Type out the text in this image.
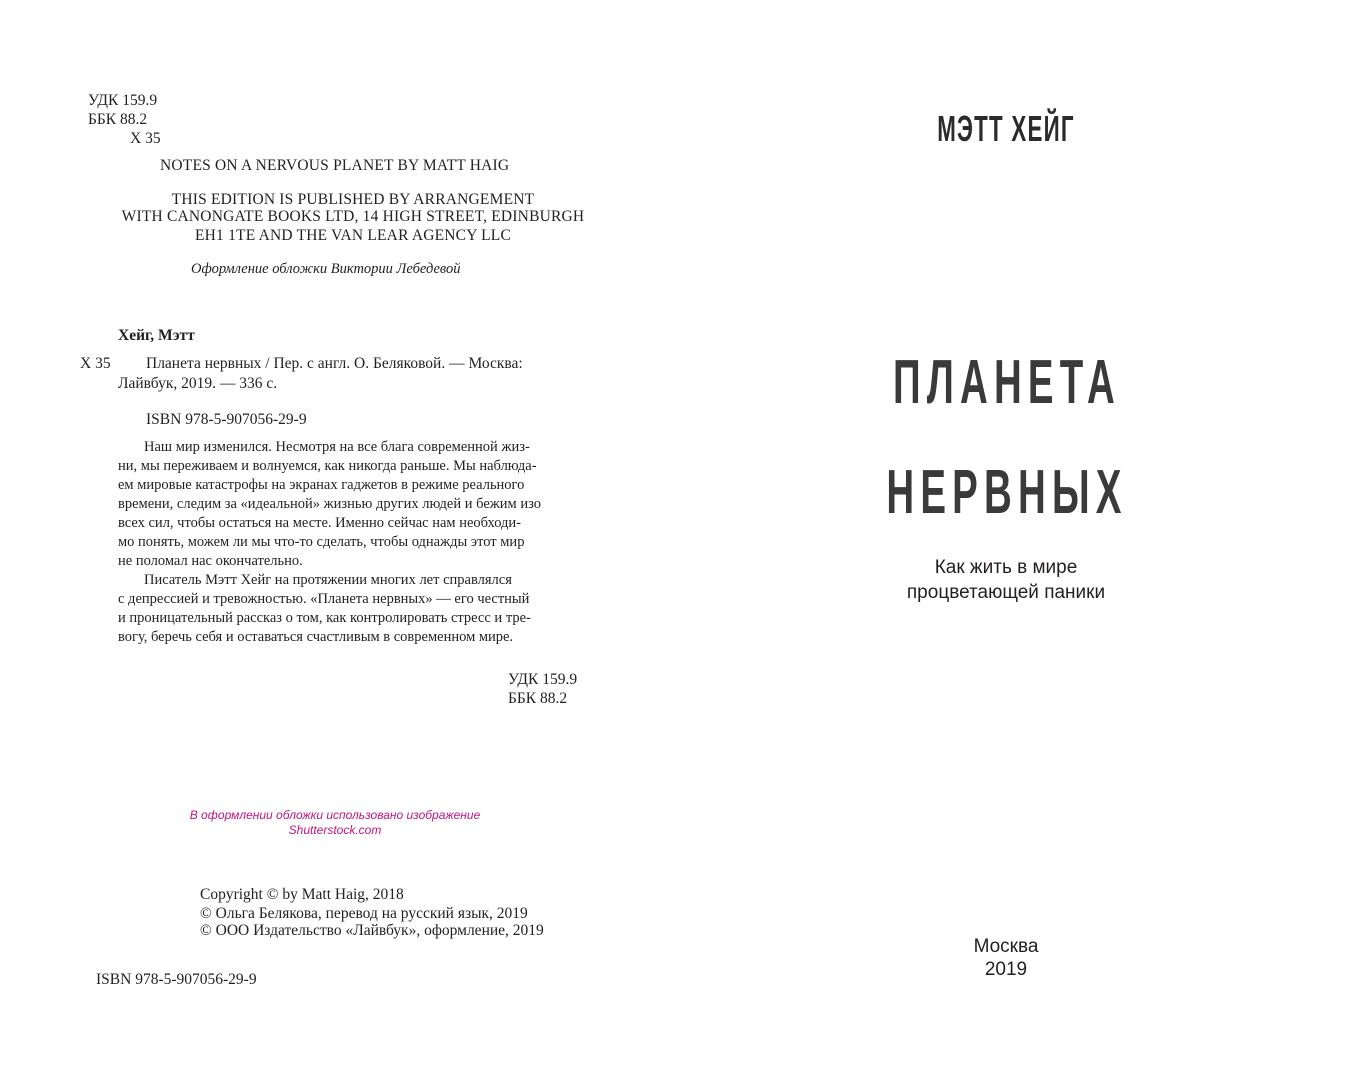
УДК 159.9
ББК 88.2
Х 35
NOTES ON A NERVOUS PLANET BY MATT HAIG
THIS EDITION IS PUBLISHED BY ARRANGEMENT
WITH CANONGATE BOOKS LTD, 14 HIGH STREET, EDINBURGH
EH1 1TE AND THE VAN LEAR AGENCY LLC
Оформление обложки Виктории Лебедевой
Хейг, Мэтт
Х 35 Планета нервных / Пер. с англ. О. Беляковой. — Москва:
Лайвбук, 2019. — 336 с.
ISBN 978-5-907056-29-9

Наш мир изменился. Несмотря на все блага современной жиз-

ни, мы переживаем и волнуемся, как никогда раньше. Мы наблюда-

ем мировые катастрофы на экранах гаджетов в режиме реального

времени, следим за «идеальной» жизнью других людей и бежим изо

всех сил, чтобы остаться на месте. Именно сейчас нам необходи-

мо понять, можем ли мы что-то сделать, чтобы однажды этот мир

не поломал нас окончательно.

Писатель Мэтт Хейг на протяжении многих лет справлялся

с депрессией и тревожностью. «Планета нервных» — его честный

и проницательный рассказ о том, как контролировать стресс и тре-

вогу, беречь себя и оставаться счастливым в современном мире.

УДК 159.9
ББК 88.2
В оформлении обложки использовано изображение
Shutterstock.com
Copyright © by Matt Haig, 2018
© Ольга Белякова, перевод на русский язык, 2019
© ООО Издательство «Лайвбук», оформление, 2019
ISBN 978-5-907056-29-9
МЭТТ ХЕЙГ
ПЛАНЕТА
НЕРВНЫХ
Как жить в мире
процветающей паники
Москва
2019
